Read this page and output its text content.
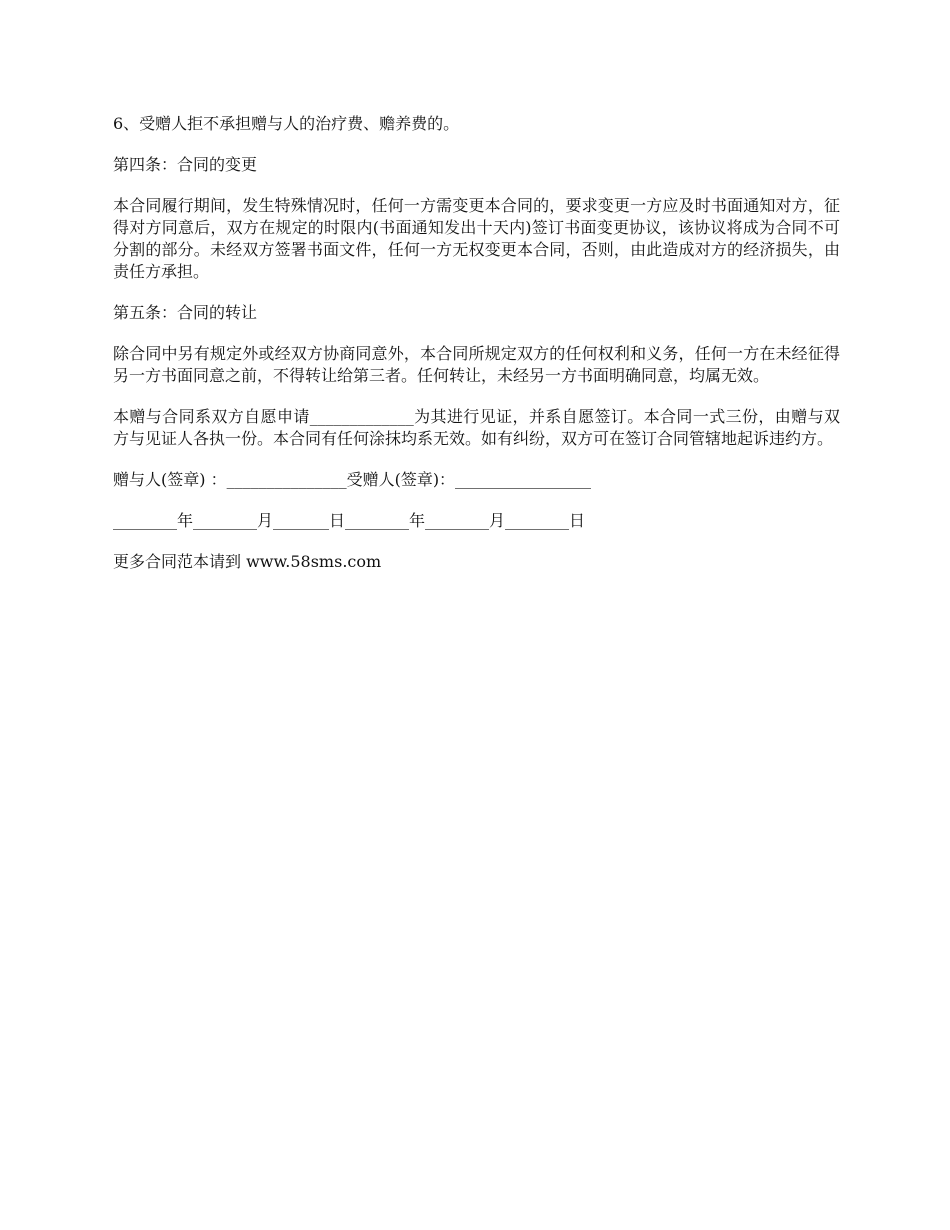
6、受赠人拒不承担赠与人的治疗费、赡养费的。

第四条：合同的变更

本合同履行期间，发生特殊情况时，任何一方需变更本合同的，要求变更一方应及时书面通知对方，征得对方同意后，双方在规定的时限内(书面通知发出十天内)签订书面变更协议，该协议将成为合同不可分割的部分。未经双方签署书面文件，任何一方无权变更本合同，否则，由此造成对方的经济损失，由责任方承担。

第五条：合同的转让

除合同中另有规定外或经双方协商同意外，本合同所规定双方的任何权利和义务，任何一方在未经征得另一方书面同意之前，不得转让给第三者。任何转让，未经另一方书面明确同意，均属无效。

本赠与合同系双方自愿申请_____________为其进行见证，并系自愿签订。本合同一式三份，由赠与双方与见证人各执一份。本合同有任何涂抹均系无效。如有纠纷，双方可在签订合同管辖地起诉违约方。

赠与人(签章) ：_______________受赠人(签章)：_________________

________年________月_______日________年________月________日

更多合同范本请到 www.58sms.com
